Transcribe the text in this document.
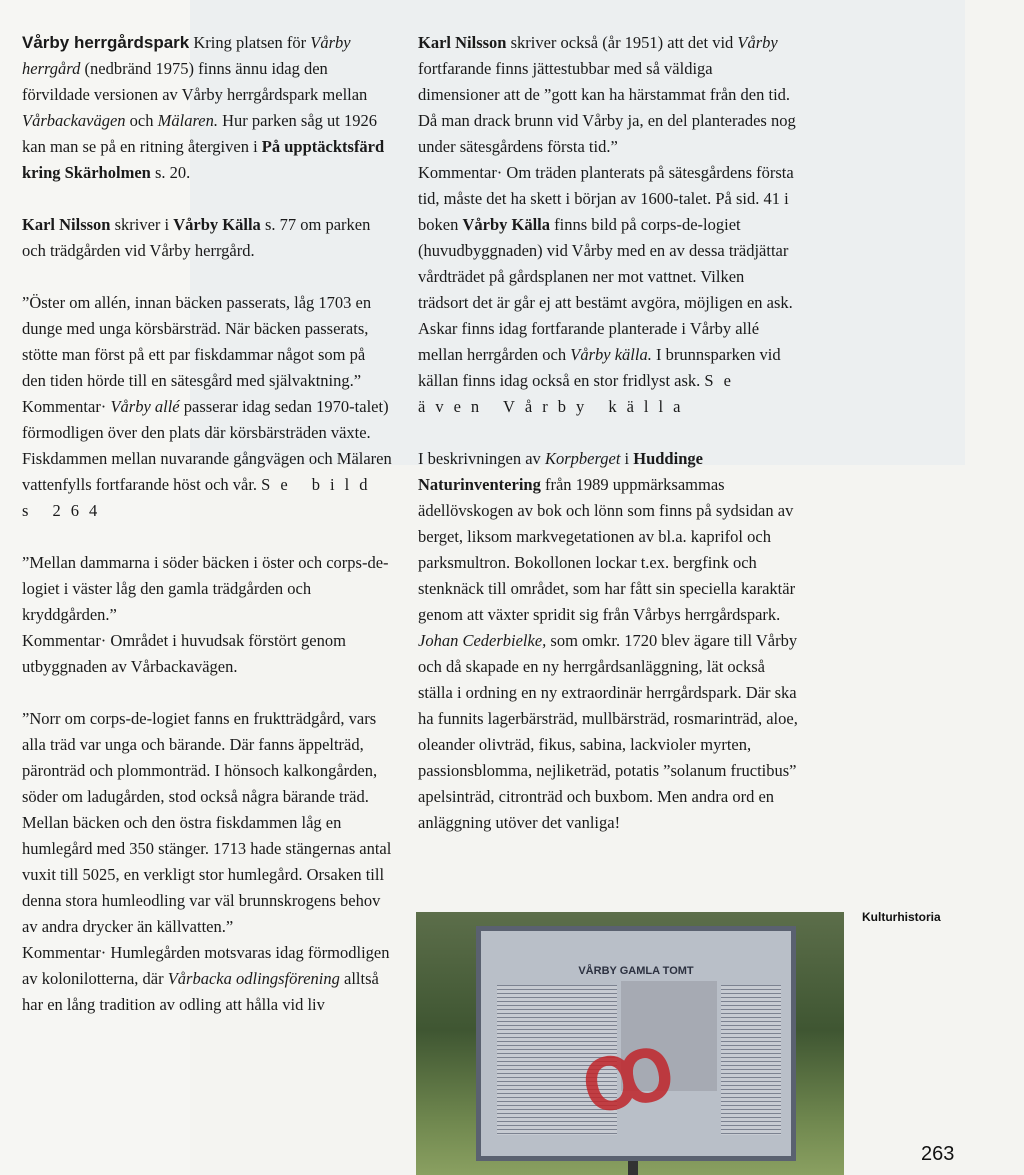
Vårby herrgårdspark Kring platsen för Vårby herrgård (nedbränd 1975) finns ännu idag den förvildade versionen av Vårby herrgårdspark mellan Vårbackavägen och Mälaren. Hur parken såg ut 1926 kan man se på en ritning återgiven i På upptäcktsfärd kring Skärholmen s. 20.

Karl Nilsson skriver i Vårby Källa s. 77 om parken och trädgården vid Vårby herrgård.

”Öster om allén, innan bäcken passerats, låg 1703 en dunge med unga körsbärsträd. När bäcken passerats, stötte man först på ett par fiskdammar något som på den tiden hörde till en sätesgård med självaktning.”

Kommentar· Vårby allé passerar idag sedan 1970-talet) förmodligen över den plats där körsbärsträden växte. Fiskdammen mellan nuvarande gångvägen och Mälaren vattenfylls fortfarande höst och vår. Se bild s 264

”Mellan dammarna i söder bäcken i öster och corps-de-logiet i väster låg den gamla trädgården och kryddgården.”

Kommentar· Området i huvudsak förstört genom utbyggnaden av Vårbackavägen.

”Norr om corps-de-logiet fanns en fruktträdgård, vars alla träd var unga och bärande. Där fanns äppelträd, päronträd och plommonträd. I hönsoch kalkongården, söder om ladugården, stod också några bärande träd.

Mellan bäcken och den östra fiskdammen låg en humlegård med 350 stänger. 1713 hade stängernas antal vuxit till 5025, en verkligt stor humlegård. Orsaken till denna stora humleodling var väl brunnskrogens behov av andra drycker än källvatten.”

Kommentar· Humlegården motsvaras idag förmodligen av kolonilotterna, där Vårbacka odlingsförening alltså har en lång tradition av odling att hålla vid liv

Karl Nilsson skriver också (år 1951) att det vid Vårby fortfarande finns jättestubbar med så väldiga dimensioner att de ”gott kan ha härstammat från den tid. Då man drack brunn vid Vårby ja, en del planterades nog under sätesgårdens första tid.”

Kommentar· Om träden planterats på sätesgårdens första tid, måste det ha skett i början av 1600-talet. På sid. 41 i boken Vårby Källa finns bild på corps-de-logiet (huvudbyggnaden) vid Vårby med en av dessa trädjättar vårdträdet på gårdsplanen ner mot vattnet. Vilken trädsort det är går ej att bestämt avgöra, möjligen en ask. Askar finns idag fortfarande planterade i Vårby allé mellan herrgården och Vårby källa. I brunnsparken vid källan finns idag också en stor fridlyst ask. Se även Vårby källa

I beskrivningen av Korpberget i Huddinge Naturinventering från 1989 uppmärksammas ädellövskogen av bok och lönn som finns på sydsidan av berget, liksom markvegetationen av bl.a. kaprifol och parksmultron. Bokollonen lockar t.ex. bergfink och stenknäck till området, som har fått sin speciella karaktär genom att växter spridit sig från Vårbys herrgårdspark. Johan Cederbielke, som omkr. 1720 blev ägare till Vårby och då skapade en ny herrgårdsanläggning, lät också ställa i ordning en ny extraordinär herrgårdspark. Där ska ha funnits lagerbärsträd, mullbärsträd, rosmarinträd, aloe, oleander olivträd, fikus, sabina, lackvioler myrten, passionsblomma, nejliketräd, potatis ”solanum fructibus” apelsinträd, citronträd och buxbom. Men andra ord en anläggning utöver det vanliga!

VÅRBY GAMLA TOMT
ꝏ
Kulturhistoria
263
